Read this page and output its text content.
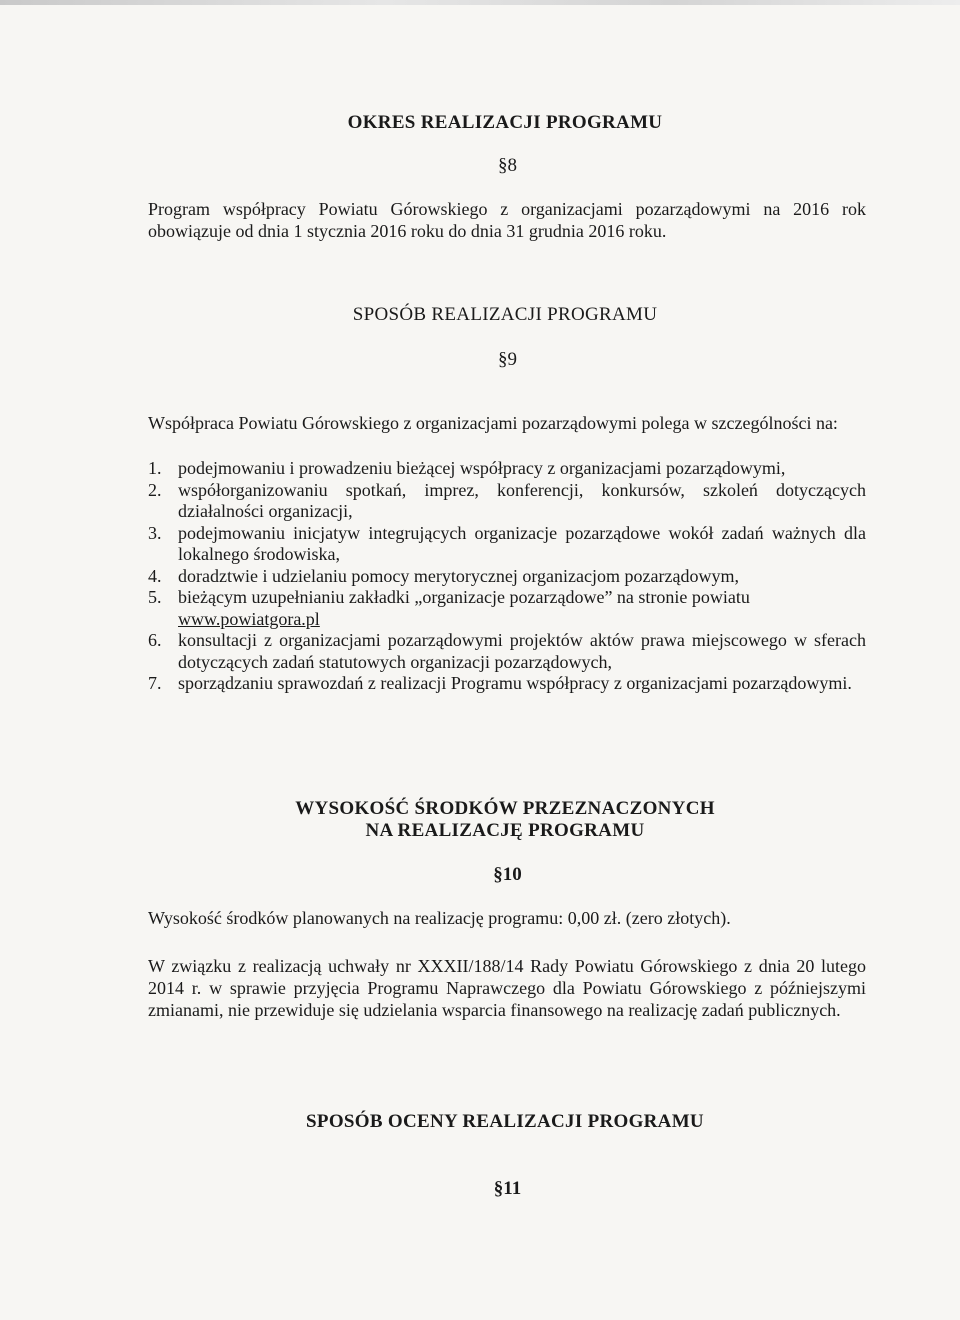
OKRES REALIZACJI PROGRAMU
§8
Program współpracy Powiatu Górowskiego z organizacjami pozarządowymi na 2016 rok obowiązuje od dnia 1 stycznia 2016 roku do dnia 31 grudnia 2016 roku.
SPOSÓB REALIZACJI PROGRAMU
§9
Współpraca Powiatu Górowskiego z organizacjami pozarządowymi polega w szczególności na:
1. podejmowaniu i prowadzeniu bieżącej współpracy z organizacjami pozarządowymi,
2. współorganizowaniu spotkań, imprez, konferencji, konkursów, szkoleń dotyczących działalności organizacji,
3. podejmowaniu inicjatyw integrujących organizacje pozarządowe wokół zadań ważnych dla lokalnego środowiska,
4. doradztwie i udzielaniu pomocy merytorycznej organizacjom pozarządowym,
5. bieżącym uzupełnianiu zakładki „organizacje pozarządowe” na stronie powiatu
www.powiatgora.pl
6. konsultacji z organizacjami pozarządowymi projektów aktów prawa miejscowego w sferach dotyczących zadań statutowych organizacji pozarządowych,
7. sporządzaniu sprawozdań z realizacji Programu współpracy z organizacjami pozarządowymi.
WYSOKOŚĆ ŚRODKÓW PRZEZNACZONYCH
NA REALIZACJĘ PROGRAMU
§10
Wysokość środków planowanych na realizację programu: 0,00 zł. (zero złotych).
W związku z realizacją uchwały nr XXXII/188/14 Rady Powiatu Górowskiego z dnia 20 lutego 2014 r. w sprawie przyjęcia Programu Naprawczego dla Powiatu Górowskiego z późniejszymi zmianami, nie przewiduje się udzielania wsparcia finansowego na realizację zadań publicznych.
SPOSÓB OCENY REALIZACJI PROGRAMU
§11
